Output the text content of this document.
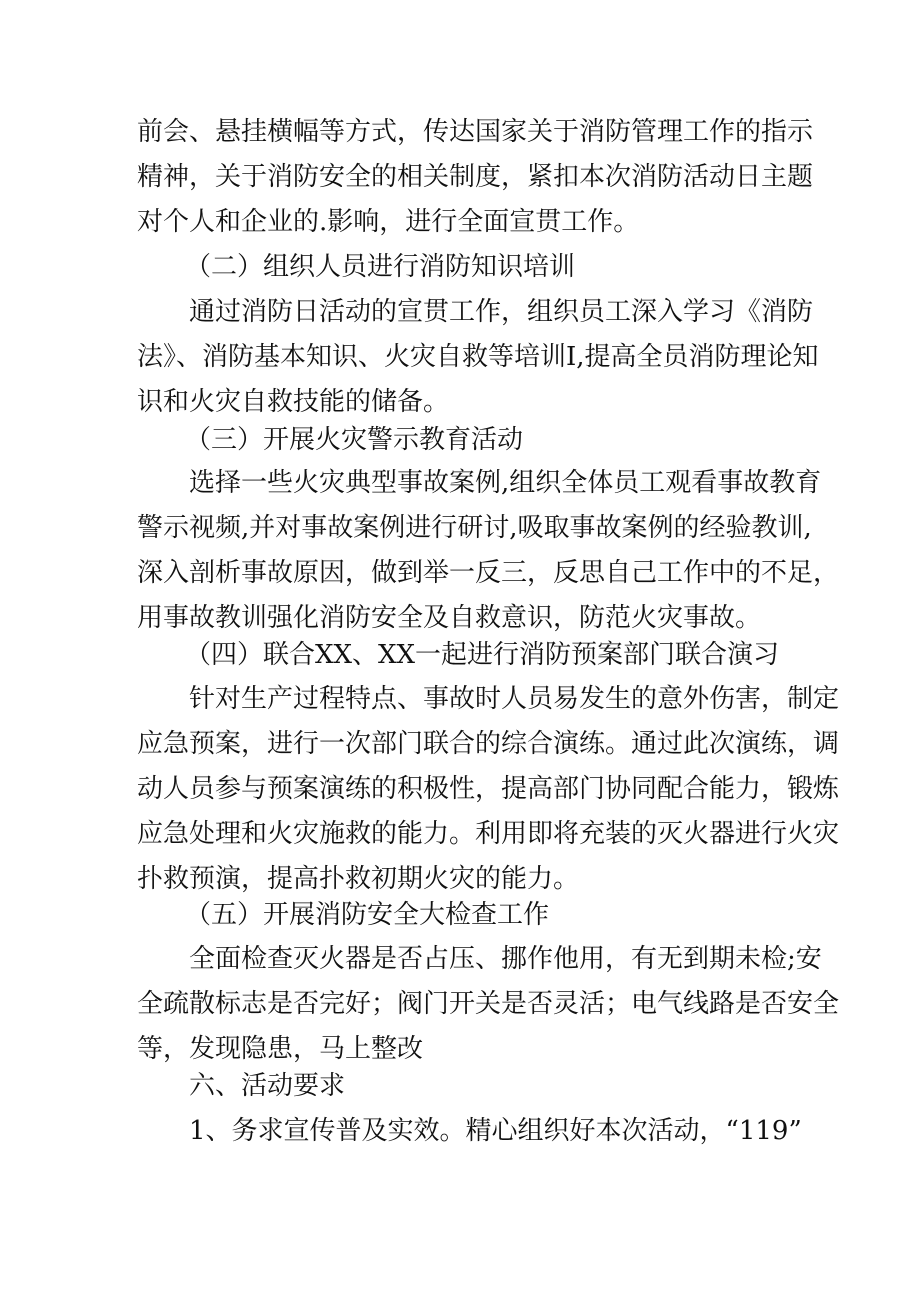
前会、悬挂横幅等方式，传达国家关于消防管理工作的指示
精神，关于消防安全的相关制度，紧扣本次消防活动日主题
对个人和企业的.影响，进行全面宣贯工作。
（二）组织人员进行消防知识培训
　　通过消防日活动的宣贯工作，组织员工深入学习《消防
法》、消防基本知识、火灾自救等培训I,提高全员消防理论知
识和火灾自救技能的储备。
（三）开展火灾警示教育活动
　　选择一些火灾典型事故案例,组织全体员工观看事故教育
警示视频,并对事故案例进行研讨,吸取事故案例的经验教训,
深入剖析事故原因，做到举一反三，反思自己工作中的不足，
用事故教训强化消防安全及自救意识，防范火灾事故。
（四）联合XX、XX一起进行消防预案部门联合演习
　　针对生产过程特点、事故时人员易发生的意外伤害，制定
应急预案，进行一次部门联合的综合演练。通过此次演练，调
动人员参与预案演练的积极性，提高部门协同配合能力，锻炼
应急处理和火灾施救的能力。利用即将充装的灭火器进行火灾
扑救预演，提高扑救初期火灾的能力。
（五）开展消防安全大检查工作
　　全面检查灭火器是否占压、挪作他用，有无到期未检;安
全疏散标志是否完好；阀门开关是否灵活；电气线路是否安全
等，发现隐患，马上整改
　　六、活动要求
　　1、务求宣传普及实效。精心组织好本次活动，“119”
